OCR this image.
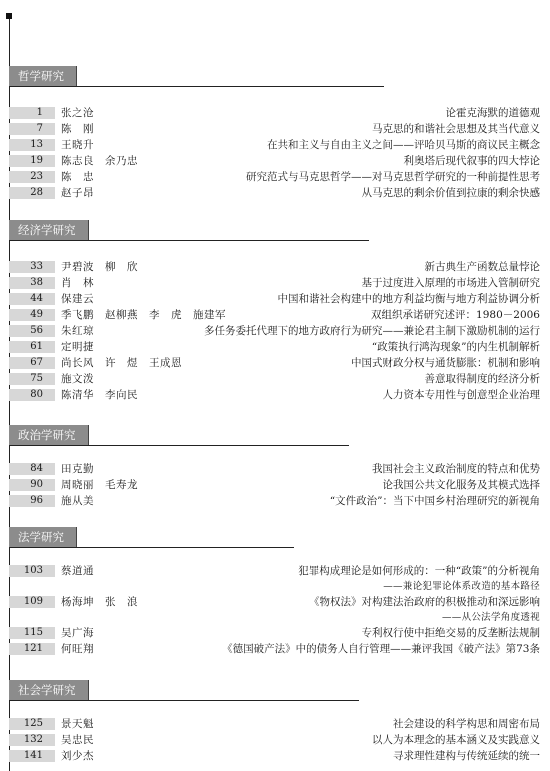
哲学研究
1	张之沧	论霍克海默的道德观
7	陈　刚	马克思的和谐社会思想及其当代意义
13	王晓升	在共和主义与自由主义之间——评哈贝马斯的商议民主概念
19	陈志良　余乃忠	利奥塔后现代叙事的四大悖论
23	陈　忠	研究范式与马克思哲学——对马克思哲学研究的一种前提性思考
28	赵子昂	从马克思的剩余价值到拉康的剩余快感
经济学研究
33	尹碧波　柳　欣	新古典生产函数总量悖论
38	肖　林	基于过度进入原理的市场进入管制研究
44	保建云	中国和谐社会构建中的地方利益均衡与地方利益协调分析
49	季飞鹏　赵柳燕　李　虎　施建军	双组织承诺研究述评：1980－2006
56	朱红琼	多任务委托代理下的地方政府行为研究——兼论君主制下激励机制的运行
61	定明捷	“政策执行鸿沟现象”的内生机制解析
67	尚长风　许　煜　王成恩	中国式财政分权与通货膨胀：机制和影响
75	施文泼	善意取得制度的经济分析
80	陈清华　李向民	人力资本专用性与创意型企业治理
政治学研究
84	田克勤	我国社会主义政治制度的特点和优势
90	周晓丽　毛寿龙	论我国公共文化服务及其模式选择
96	施从美	“文件政治”：当下中国乡村治理研究的新视角
法学研究
103	蔡道通	犯罪构成理论是如何形成的：一种“政策”的分析视角
——兼论犯罪论体系改造的基本路径
109	杨海坤　张　浪	《物权法》对构建法治政府的积极推动和深远影响
——从公法学角度透视
115	吴广海	专利权行使中拒绝交易的反垄断法规制
121	何旺翔	《德国破产法》中的债务人自行管理——兼评我国《破产法》第73条
社会学研究
125	景天魁	社会建设的科学构思和周密布局
132	吴忠民	以人为本理念的基本涵义及实践意义
141	刘少杰	寻求理性建构与传统延续的统一
